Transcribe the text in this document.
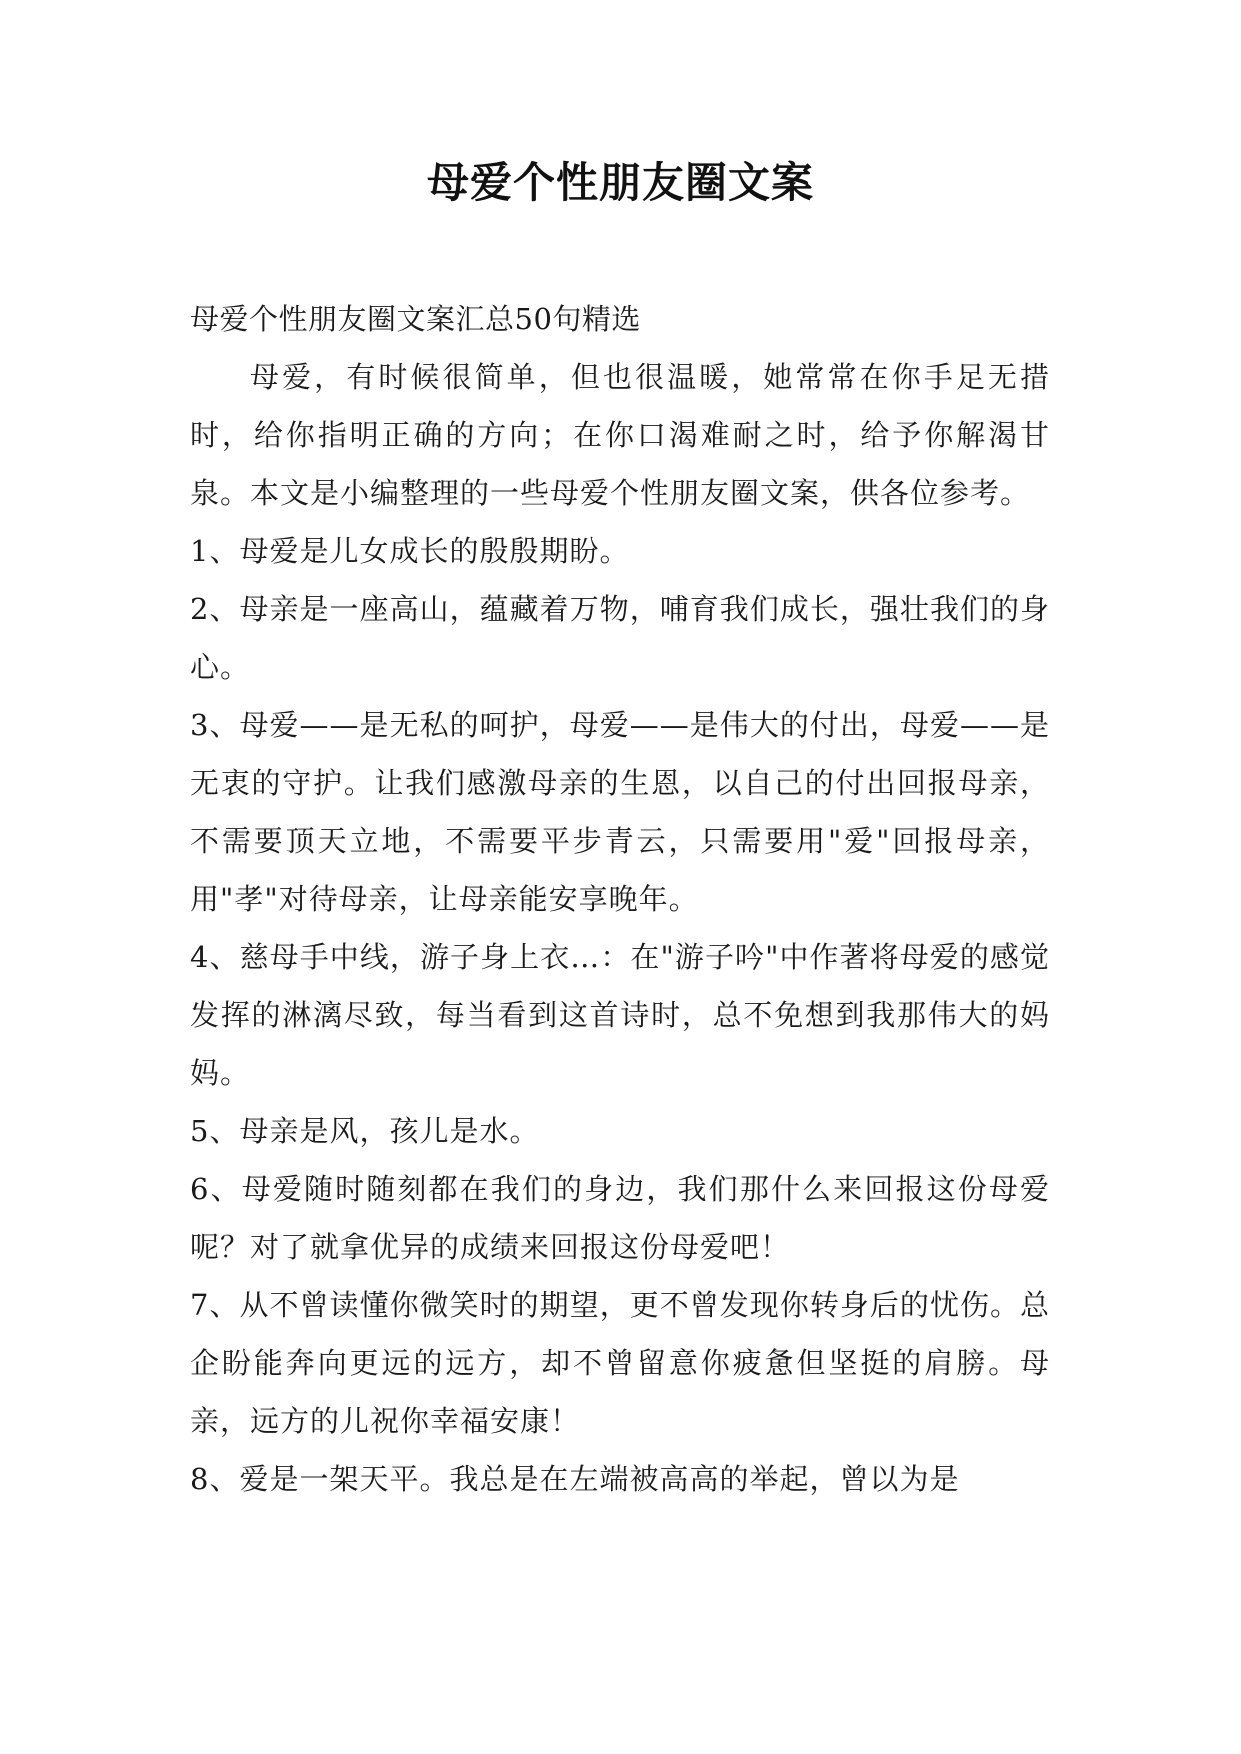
母爱个性朋友圈文案

母爱个性朋友圈文案汇总50句精选

母爱，有时候很简单，但也很温暖，她常常在你手足无措时，给你指明正确的方向；在你口渴难耐之时，给予你解渴甘泉。本文是小编整理的一些母爱个性朋友圈文案，供各位参考。

1、母爱是儿女成长的殷殷期盼。

2、母亲是一座高山，蕴藏着万物，哺育我们成长，强壮我们的身心。

3、母爱——是无私的呵护，母爱——是伟大的付出，母爱——是无衷的守护。让我们感激母亲的生恩，以自己的付出回报母亲，不需要顶天立地，不需要平步青云，只需要用"爱"回报母亲，用"孝"对待母亲，让母亲能安享晚年。

4、慈母手中线，游子身上衣…：在"游子吟"中作著将母爱的感觉发挥的淋漓尽致，每当看到这首诗时，总不免想到我那伟大的妈妈。

5、母亲是风，孩儿是水。

6、母爱随时随刻都在我们的身边，我们那什么来回报这份母爱呢？对了就拿优异的成绩来回报这份母爱吧！

7、从不曾读懂你微笑时的期望，更不曾发现你转身后的忧伤。总企盼能奔向更远的远方，却不曾留意你疲惫但坚挺的肩膀。母亲，远方的儿祝你幸福安康！

8、爱是一架天平。我总是在左端被高高的举起，曾以为是
